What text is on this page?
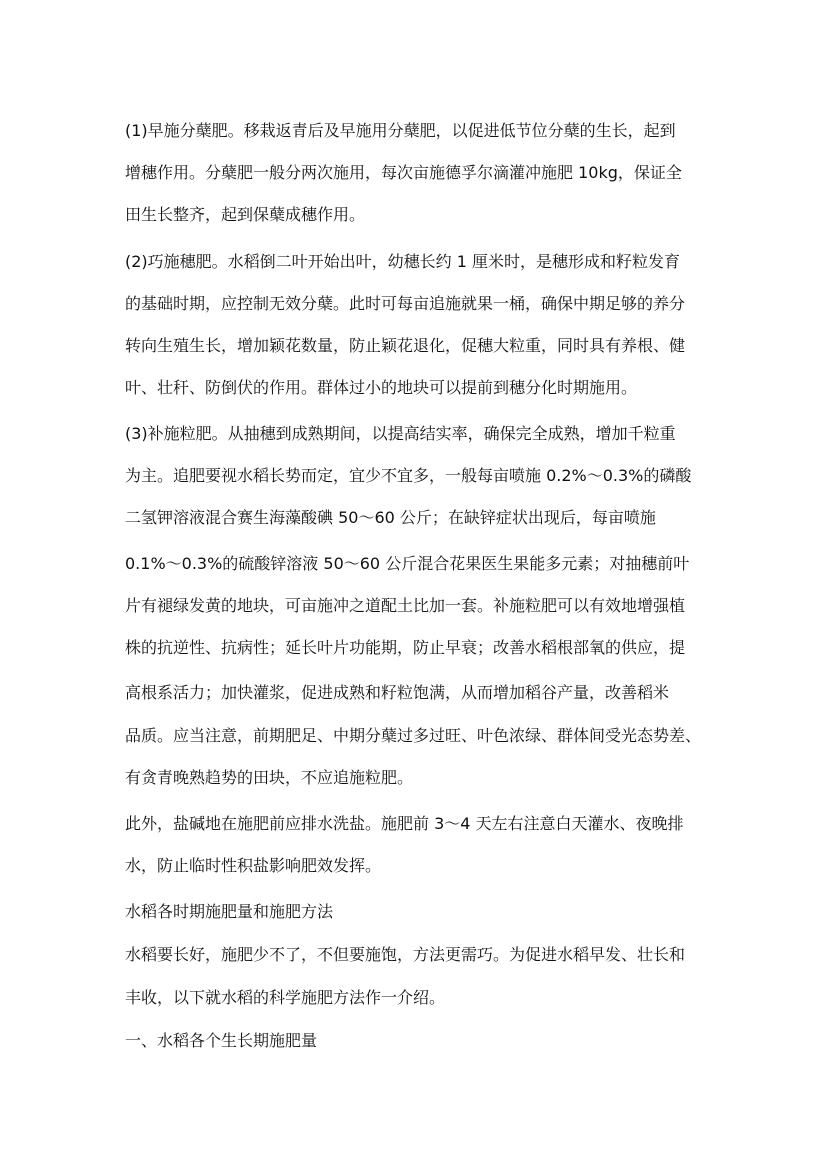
(1)早施分蘖肥。移栽返青后及早施用分蘖肥，以促进低节位分蘖的生长，起到
增穗作用。分蘖肥一般分两次施用，每次亩施德孚尔滴灌冲施肥 10kg，保证全
田生长整齐，起到保蘖成穗作用。
(2)巧施穗肥。水稻倒二叶开始出叶，幼穗长约 1 厘米时，是穗形成和籽粒发育
的基础时期，应控制无效分蘖。此时可每亩追施就果一桶，确保中期足够的养分
转向生殖生长，增加颖花数量，防止颖花退化，促穗大粒重，同时具有养根、健
叶、壮秆、防倒伏的作用。群体过小的地块可以提前到穗分化时期施用。
(3)补施粒肥。从抽穗到成熟期间，以提高结实率，确保完全成熟，增加千粒重
为主。追肥要视水稻长势而定，宜少不宜多，一般每亩喷施 0.2%～0.3%的磷酸
二氢钾溶液混合赛生海藻酸碘 50～60 公斤；在缺锌症状出现后，每亩喷施
0.1%～0.3%的硫酸锌溶液 50～60 公斤混合花果医生果能多元素；对抽穗前叶
片有褪绿发黄的地块，可亩施冲之道配土比加一套。补施粒肥可以有效地增强植
株的抗逆性、抗病性；延长叶片功能期，防止早衰；改善水稻根部氧的供应，提
高根系活力；加快灌浆，促进成熟和籽粒饱满，从而增加稻谷产量，改善稻米
品质。应当注意，前期肥足、中期分蘖过多过旺、叶色浓绿、群体间受光态势差、
有贪青晚熟趋势的田块，不应追施粒肥。
此外，盐碱地在施肥前应排水洗盐。施肥前 3～4 天左右注意白天灌水、夜晚排
水，防止临时性积盐影响肥效发挥。
水稻各时期施肥量和施肥方法
水稻要长好，施肥少不了，不但要施饱，方法更需巧。为促进水稻早发、壮长和
丰收，以下就水稻的科学施肥方法作一介绍。
一、水稻各个生长期施肥量
